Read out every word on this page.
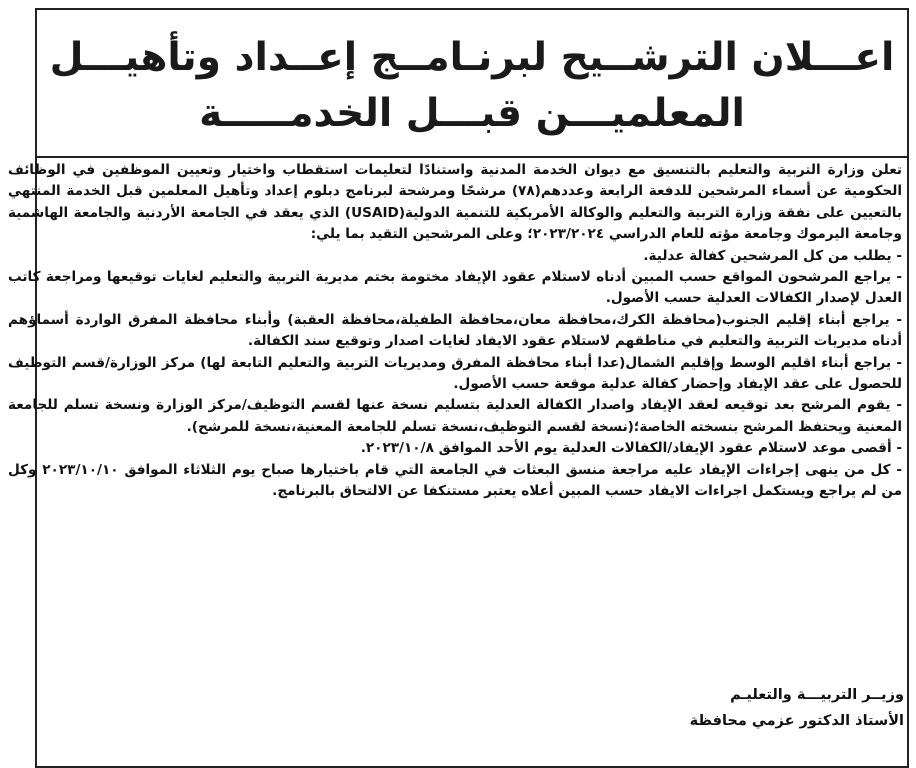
اعـــلان الترشــيح لبرنـامــج إعــداد وتأهيـــل
المعلميـــن قبـــل الخدمـــــة

تعلن وزارة التربية والتعليم بالتنسيق مع ديوان الخدمة المدنية واستنادًا لتعليمات استقطاب واختيار وتعيين الموظفين في الوظائف الحكومية عن أسماء المرشحين للدفعة الرابعة وعددهم(٧٨) مرشحًا ومرشحة لبرنامج دبلوم إعداد وتأهيل المعلمين قبل الخدمة المنتهي بالتعيين على نفقة وزارة التربية والتعليم والوكالة الأمريكية للتنمية الدولية(USAID) الذي يعقد في الجامعة الأردنية والجامعة الهاشمية وجامعة اليرموك وجامعة مؤته للعام الدراسي ٢٠٢٣/٢٠٢٤؛ وعلى المرشحين التقيد بما يلي:

- يطلب من كل المرشحين كفالة عدلية.

- يراجع المرشحون المواقع حسب المبين أدناه لاستلام عقود الإيفاد مختومة بختم مديرية التربية والتعليم لغايات توقيعها ومراجعة كاتب العدل لإصدار الكفالات العدلية حسب الأصول.

- يراجع أبناء إقليم الجنوب(محافظة الكرك،محافظة معان،محافظة الطفيلة،محافظة العقبة) وأبناء محافظة المفرق الواردة أسماؤهم أدناه مديريات التربية والتعليم في مناطقهم لاستلام عقود الايفاد لغايات اصدار وتوقيع سند الكفالة.

- يراجع أبناء اقليم الوسط وإقليم الشمال(عدا أبناء محافظة المفرق ومديريات التربية والتعليم التابعة لها) مركز الوزارة/قسم التوظيف للحصول على عقد الإيفاد وإحضار كفالة عدلية موقعة حسب الأصول.

- يقوم المرشح بعد توقيعه لعقد الإيفاد واصدار الكفالة العدلية بتسليم نسخة عنها لقسم التوظيف/مركز الوزارة ونسخة تسلم للجامعة المعنية ويحتفظ المرشح بنسخته الخاصة؛(نسخة لقسم التوظيف،نسخة تسلم للجامعة المعنية،نسخة للمرشح).

- أقصى موعد لاستلام عقود الإيفاد/الكفالات العدلية يوم الأحد الموافق ٢٠٢٣/١٠/٨.

- كل من ينهى إجراءات الإيفاد عليه مراجعة منسق البعثات في الجامعة التي قام باختيارها صباح يوم الثلاثاء الموافق ٢٠٢٣/١٠/١٠ وكل من لم يراجع ويستكمل اجراءات الايفاد حسب المبين أعلاه يعتبر مستنكفا عن الالتحاق بالبرنامج.

وزيــر التربيـــة والتعليـم
الأستاذ الدكتور عزمي محافظة
